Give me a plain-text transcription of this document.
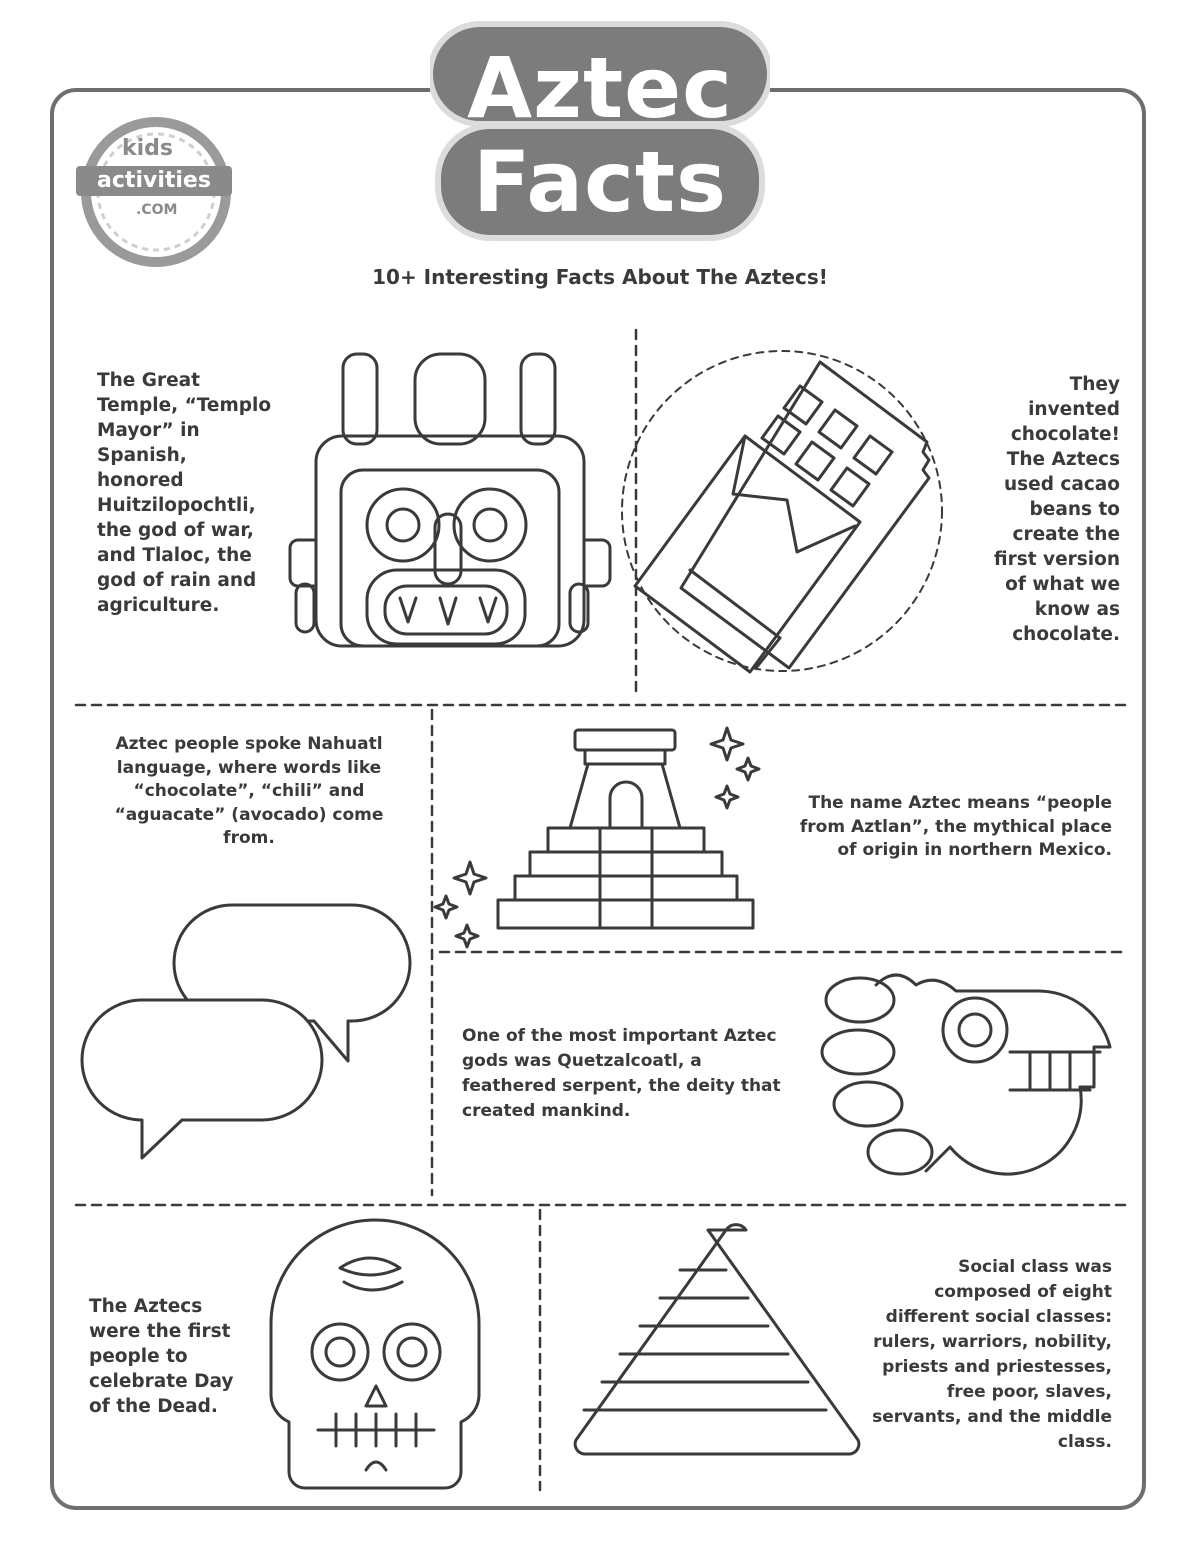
Aztec
Facts
kids
activities
.COM
10+ Interesting Facts About The Aztecs!
The Great Temple, “Templo Mayor” in Spanish, honored Huitzilopochtli, the god of war, and Tlaloc, the god of rain and agriculture.
They invented chocolate! The Aztecs used cacao beans to create the first version of what we know as chocolate.
Aztec people spoke Nahuatl language, where words like “chocolate”, “chili” and “aguacate” (avocado) come from.
The name Aztec means “people from Aztlan”, the mythical place of origin in northern Mexico.
One of the most important Aztec gods was Quetzalcoatl, a feathered serpent, the deity that created mankind.
The Aztecs were the first people to celebrate Day of the Dead.
Social class was composed of eight different social classes: rulers, warriors, nobility, priests and priestesses, free poor, slaves, servants, and the middle class.
